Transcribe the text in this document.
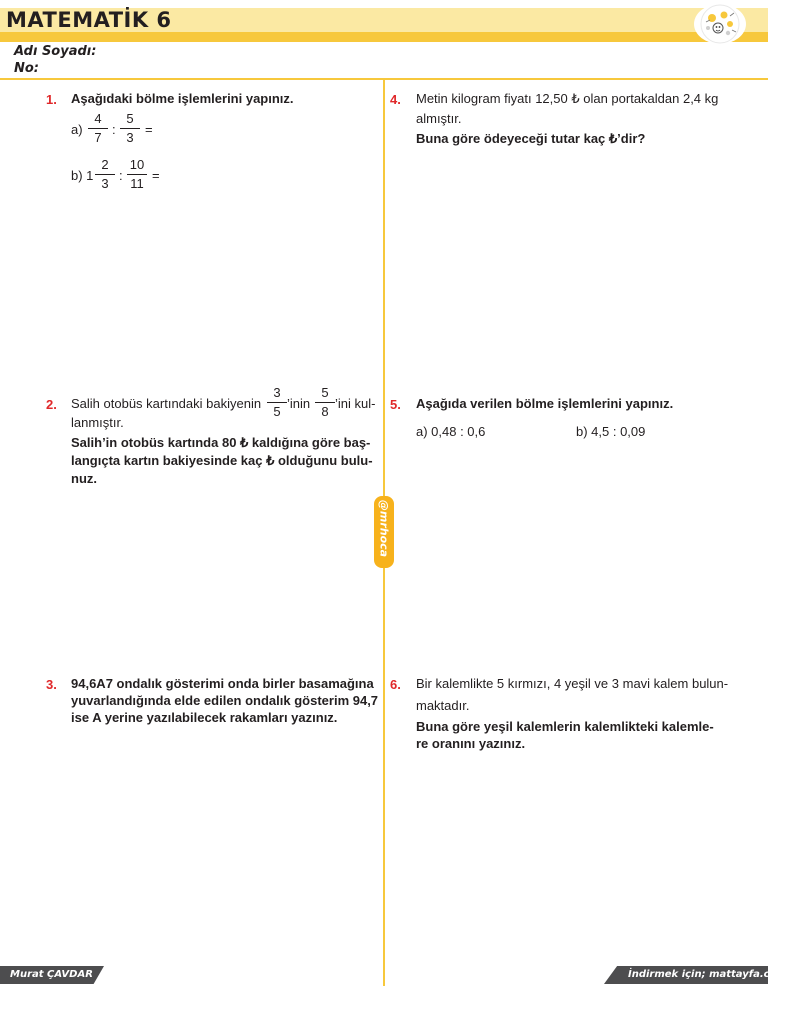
MATEMATİK 6
Adı Soyadı:
No:
1. Aşağıdaki bölme işlemlerini yapınız.
a)
4
7
:
5
3
=
b) 1
2
3
:
10
11
=
2. Salih otobüs kartındaki bakiyenin
3
5
’inin
5
8
’ini kul-
lanmıştır.
Salih’in otobüs kartında 80 ₺ kaldığına göre baş-
langıçta kartın bakiyesinde kaç ₺ olduğunu bulu-
nuz.
3. 94,6A7 ondalık gösterimi onda birler basamağına
yuvarlandığında elde edilen ondalık gösterim 94,7
ise A yerine yazılabilecek rakamları yazınız.
4. Metin kilogram fiyatı 12,50 ₺ olan portakaldan 2,4 kg
almıştır.
Buna göre ödeyeceği tutar kaç ₺’dir?
5. Aşağıda verilen bölme işlemlerini yapınız.
a) 0,48 : 0,6	b) 4,5 : 0,09
6. Bir kalemlikte 5 kırmızı, 4 yeşil ve 3 mavi kalem bulun-
maktadır.
Buna göre yeşil kalemlerin kalemlikteki kalemle-
re oranını yazınız.
@mrhoca
Murat ÇAVDAR	İndirmek için; mattayfa.com
